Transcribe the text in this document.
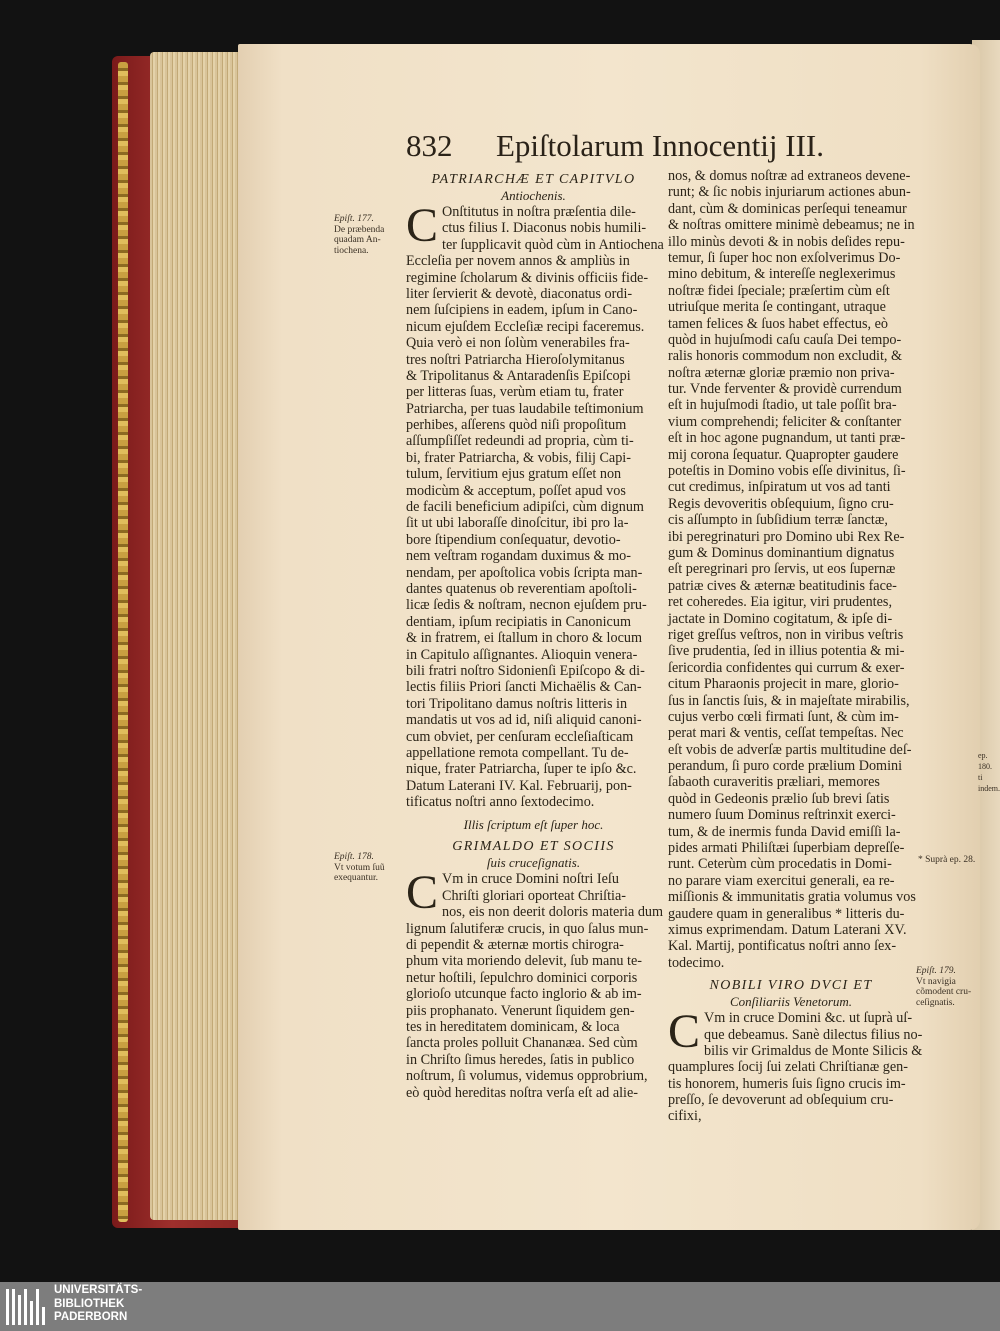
832 Epiſtolarum Innocentij III.
PATRIARCHÆ ET CAPITVLO
Antiochenis.
C Onſtitutus in noſtra præſentia dile-
ctus filius I. Diaconus nobis humili-
ter ſupplicavit quòd cùm in Antiochena
Eccleſia per novem annos & ampliùs in
regimine ſcholarum & divinis officiis fide-
liter ſervierit & devotè, diaconatus ordi-
nem ſuſcipiens in eadem, ipſum in Cano-
nicum ejuſdem Eccleſiæ recipi faceremus.
Quia verò ei non ſolùm venerabiles fra-
tres noſtri Patriarcha Hieroſolymitanus
& Tripolitanus & Antaradenſis Epiſcopi
per litteras ſuas, verùm etiam tu, frater
Patriarcha, per tuas laudabile teſtimonium
perhibes, aſſerens quòd niſi propoſitum
aſſumpſiſſet redeundi ad propria, cùm ti-
bi, frater Patriarcha, & vobis, filij Capi-
tulum, ſervitium ejus gratum eſſet non
modicùm & acceptum, poſſet apud vos
de facili beneficium adipiſci, cùm dignum
ſit ut ubi laboraſſe dinoſcitur, ibi pro la-
bore ſtipendium conſequatur, devotio-
nem veſtram rogandam duximus & mo-
nendam, per apoſtolica vobis ſcripta man-
dantes quatenus ob reverentiam apoſtoli-
licæ ſedis & noſtram, necnon ejuſdem pru-
dentiam, ipſum recipiatis in Canonicum
& in fratrem, ei ſtallum in choro & locum
in Capitulo aſſignantes. Alioquin venera-
bili fratri noſtro Sidonienſi Epiſcopo & di-
lectis filiis Priori ſancti Michaëlis & Can-
tori Tripolitano damus noſtris litteris in
mandatis ut vos ad id, niſi aliquid canoni-
cum obviet, per cenſuram eccleſiaſticam
appellatione remota compellant. Tu de-
nique, frater Patriarcha, ſuper te ipſo &c.
Datum Laterani IV. Kal. Februarij, pon-
tificatus noſtri anno ſextodecimo.
Illis ſcriptum eſt ſuper hoc.
GRIMALDO ET SOCIIS
ſuis cruceſignatis.
C Vm in cruce Domini noſtri Ieſu
Chriſti gloriari oporteat Chriſtia-
nos, eis non deerit doloris materia dum
lignum ſalutiferæ crucis, in quo ſalus mun-
di pependit & æternæ mortis chirogra-
phum vita moriendo delevit, ſub manu te-
netur hoſtili, ſepulchro dominici corporis
glorioſo utcunque facto inglorio & ab im-
piis prophanato. Venerunt ſiquidem gen-
tes in hereditatem dominicam, & loca
ſancta proles polluit Chananæa. Sed cùm
in Chriſto ſimus heredes, ſatis in publico
noſtrum, ſi volumus, videmus opprobrium,
eò quòd hereditas noſtra verſa eſt ad alie-
nos, & domus noſtræ ad extraneos devene-
runt; & ſic nobis injuriarum actiones abun-
dant, cùm & dominicas perſequi teneamur
& noſtras omittere minimè debeamus; ne in
illo minùs devoti & in nobis deſides repu-
temur, ſi ſuper hoc non exſolverimus Do-
mino debitum, & intereſſe neglexerimus
noſtræ fidei ſpeciale; præſertim cùm eſt
utriuſque merita ſe contingant, utraque
tamen felices & ſuos habet effectus, eò
quòd in hujuſmodi caſu cauſa Dei tempo-
ralis honoris commodum non excludit, &
noſtra æternæ gloriæ præmio non priva-
tur. Vnde ferventer & providè currendum
eſt in hujuſmodi ſtadio, ut tale poſſit bra-
vium comprehendi; feliciter & conſtanter
eſt in hoc agone pugnandum, ut tanti præ-
mij corona ſequatur. Quapropter gaudere
poteſtis in Domino vobis eſſe divinitus, ſi-
cut credimus, inſpiratum ut vos ad tanti
Regis devoveritis obſequium, ſigno cru-
cis aſſumpto in ſubſidium terræ ſanctæ,
ibi peregrinaturi pro Domino ubi Rex Re-
gum & Dominus dominantium dignatus
eſt peregrinari pro ſervis, ut eos ſupernæ
patriæ cives & æternæ beatitudinis face-
ret coheredes. Eia igitur, viri prudentes,
jactate in Domino cogitatum, & ipſe di-
riget greſſus veſtros, non in viribus veſtris
ſive prudentia, ſed in illius potentia & mi-
ſericordia confidentes qui currum & exer-
citum Pharaonis projecit in mare, glorio-
ſus in ſanctis ſuis, & in majeſtate mirabilis,
cujus verbo cœli firmati ſunt, & cùm im-
perat mari & ventis, ceſſat tempeſtas. Nec
eſt vobis de adverſæ partis multitudine deſ-
perandum, ſi puro corde prælium Domini
ſabaoth curaveritis præliari, memores
quòd in Gedeonis prælio ſub brevi ſatis
numero ſuum Dominus reſtrinxit exerci-
tum, & de inermis funda David emiſſi la-
pides armati Philiſtæi ſuperbiam depreſſe-
runt. Ceterùm cùm procedatis in Domi-
no parare viam exercitui generali, ea re-
miſſionis & immunitatis gratia volumus vos
gaudere quam in generalibus * litteris du-
ximus exprimendam. Datum Laterani XV.
Kal. Martij, pontificatus noſtri anno ſex-
todecimo.
NOBILI VIRO DVCI ET
Conſiliariis Venetorum.
C Vm in cruce Domini &c. ut ſuprà uſ-
que debeamus. Sanè dilectus filius no-
bilis vir Grimaldus de Monte Silicis &
quamplures ſocij ſui zelati Chriſtianæ gen-
tis honorem, humeris ſuis ſigno crucis im-
preſſo, ſe devoverunt ad obſequium cru-
cifixi,
Epiſt. 177.
De præbenda
quadam An-
tiochena.
Epiſt. 178.
Vt votum ſuũ
exequantur.
Epiſt. 179.
Vt navigia
cõmodent cru-
ceſignatis.
* Suprà ep. 28.
ep. 180.
ti indem.
UNIVERSITÄTS-
BIBLIOTHEK
PADERBORN
